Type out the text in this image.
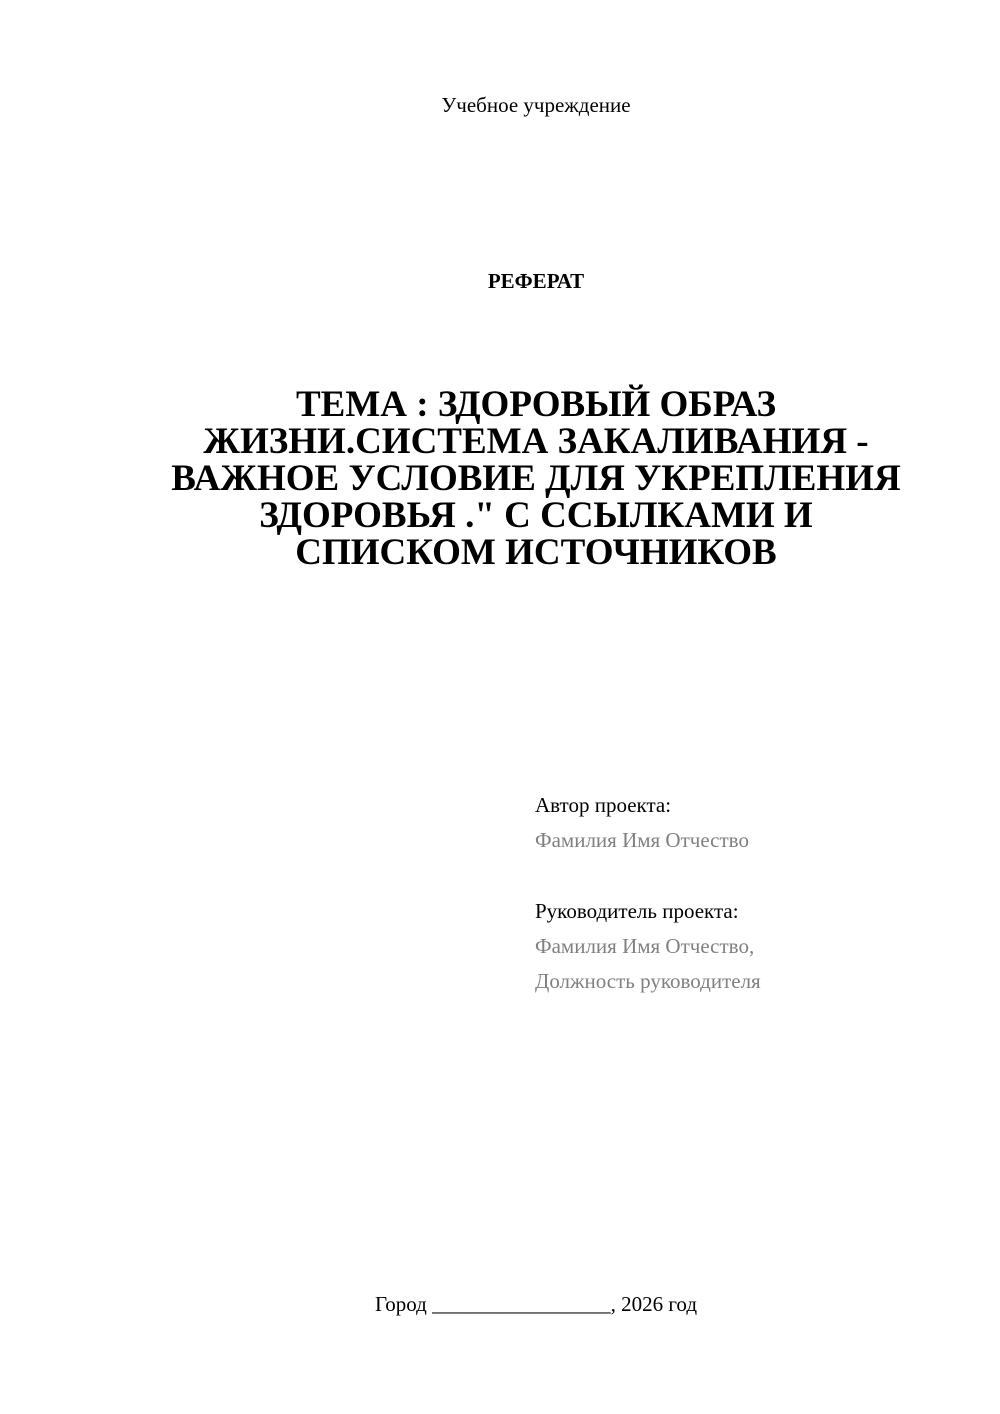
Учебное учреждение
РЕФЕРАТ
ТЕМА : ЗДОРОВЫЙ ОБРАЗ
ЖИЗНИ.СИСТЕМА ЗАКАЛИВАНИЯ -
ВАЖНОЕ УСЛОВИЕ ДЛЯ УКРЕПЛЕНИЯ
ЗДОРОВЬЯ ." С ССЫЛКАМИ И
СПИСКОМ ИСТОЧНИКОВ
Автор проекта:
Фамилия Имя Отчество
Руководитель проекта:
Фамилия Имя Отчество,
Должность руководителя
Город _________________, 2026 год
